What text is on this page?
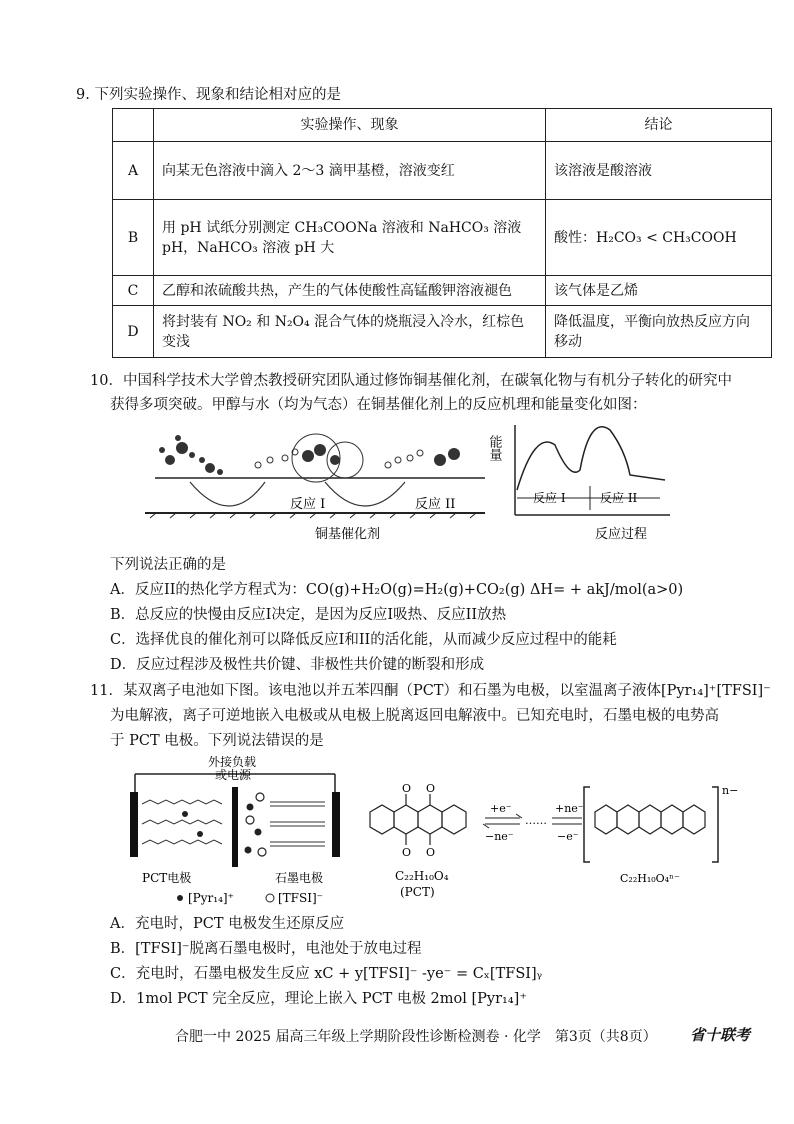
9. 下列实验操作、现象和结论相对应的是
	实验操作、现象	结论
A	向某无色溶液中滴入 2～3 滴甲基橙，溶液变红	该溶液是酸溶液
B	用 pH 试纸分别测定 CH₃COONa 溶液和 NaHCO₃ 溶液 pH，NaHCO₃ 溶液 pH 大	酸性：H₂CO₃ < CH₃COOH
C	乙醇和浓硫酸共热，产生的气体使酸性高锰酸钾溶液褪色	该气体是乙烯
D	将封装有 NO₂ 和 N₂O₄ 混合气体的烧瓶浸入冷水，红棕色变浅	降低温度，平衡向放热反应方向移动
10．中国科学技术大学曾杰教授研究团队通过修饰铜基催化剂，在碳氧化物与有机分子转化的研究中
获得多项突破。甲醇与水（均为气态）在铜基催化剂上的反应机理和能量变化如图：
反应 I	反应 II
铜基催化剂
能量
反应 I	反应 II
反应过程
下列说法正确的是
A．反应II的热化学方程式为：CO(g)+H₂O(g)=H₂(g)+CO₂(g) ΔH= + akJ/mol(a>0)
B．总反应的快慢由反应I决定，是因为反应I吸热、反应II放热
C．选择优良的催化剂可以降低反应I和II的活化能，从而减少反应过程中的能耗
D．反应过程涉及极性共价键、非极性共价键的断裂和形成
11．某双离子电池如下图。该电池以并五苯四酮（PCT）和石墨为电极，以室温离子液体[Pyr₁₄]⁺[TFSI]⁻
为电解液，离子可逆地嵌入电极或从电极上脱离返回电解液中。已知充电时，石墨电极的电势高
于 PCT 电极。下列说法错误的是
外接负载
或电源
PCT电极	石墨电极
[Pyr₁₄]⁺	[TFSI]⁻
O O
O O
C₂₂H₁₀O₄
(PCT)
+e⁻
−ne⁻
……
+ne⁻
−e⁻
n−
C₂₂H₁₀O₄ⁿ⁻
A．充电时，PCT 电极发生还原反应
B．[TFSI]⁻脱离石墨电极时，电池处于放电过程
C．充电时，石墨电极发生反应 xC + y[TFSI]⁻ -ye⁻ = Cₓ[TFSI]ᵧ
D．1mol PCT 完全反应，理论上嵌入 PCT 电极 2mol [Pyr₁₄]⁺
合肥一中 2025 届高三年级上学期阶段性诊断检测卷 · 化学　第3页（共8页） 省十联考
